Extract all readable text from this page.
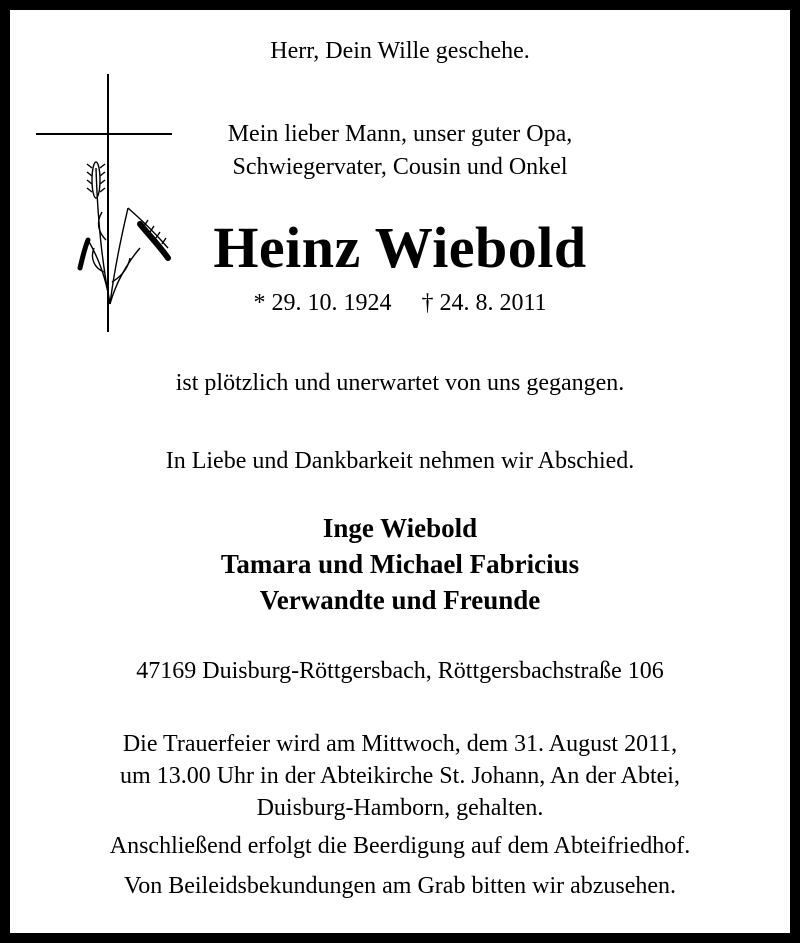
Herr, Dein Wille geschehe.
Mein lieber Mann, unser guter Opa,
Schwiegervater, Cousin und Onkel
Heinz Wiebold
* 29. 10. 1924 † 24. 8. 2011
ist plötzlich und unerwartet von uns gegangen.
In Liebe und Dankbarkeit nehmen wir Abschied.
Inge Wiebold
Tamara und Michael Fabricius
Verwandte und Freunde
47169 Duisburg-Röttgersbach, Röttgersbachstraße 106
Die Trauerfeier wird am Mittwoch, dem 31. August 2011,
um 13.00 Uhr in der Abteikirche St. Johann, An der Abtei,
Duisburg-Hamborn, gehalten.
Anschließend erfolgt die Beerdigung auf dem Abteifriedhof.
Von Beileidsbekundungen am Grab bitten wir abzusehen.
